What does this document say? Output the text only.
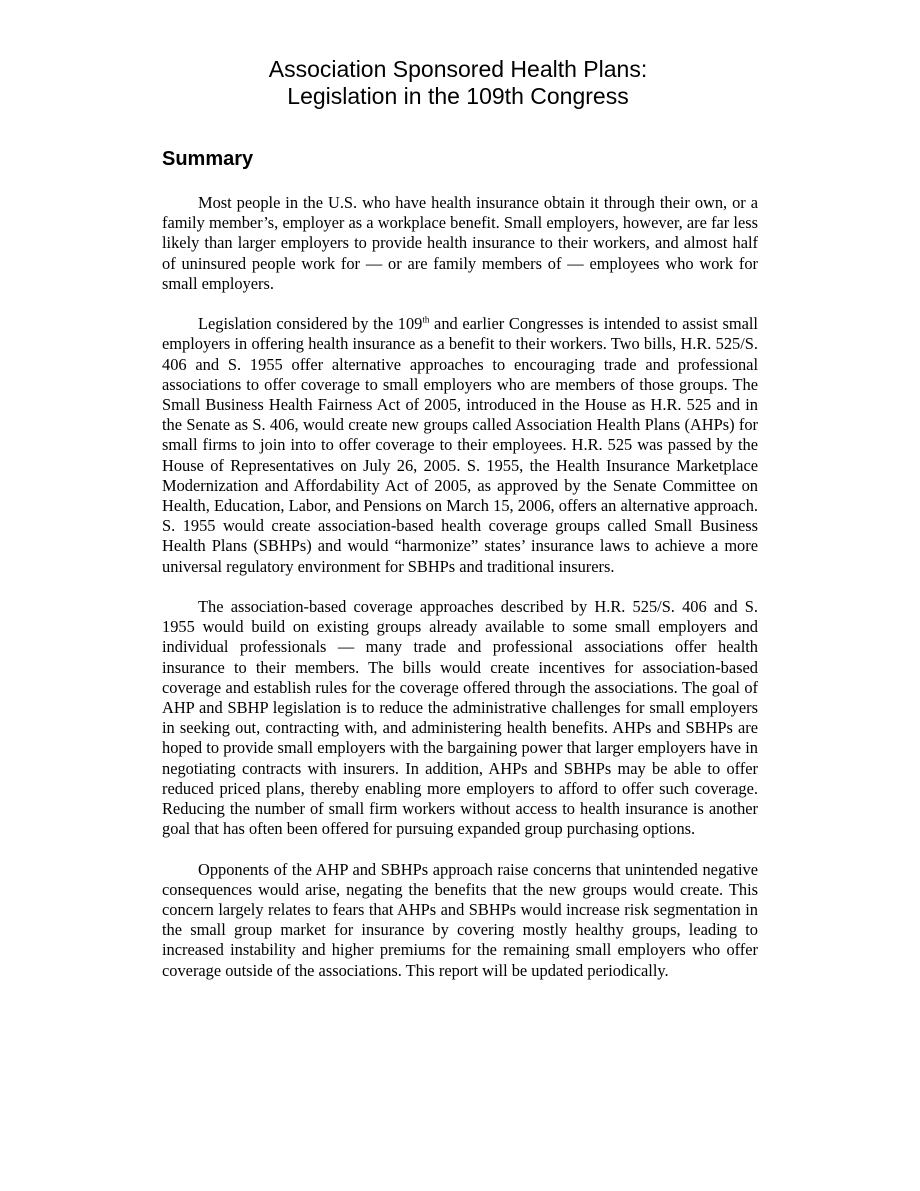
Association Sponsored Health Plans:
Legislation in the 109th Congress
Summary

Most people in the U.S. who have health insurance obtain it through their own, or a family member’s, employer as a workplace benefit. Small employers, however, are far less likely than larger employers to provide health insurance to their workers, and almost half of uninsured people work for — or are family members of — employees who work for small employers.

Legislation considered by the 109th and earlier Congresses is intended to assist small employers in offering health insurance as a benefit to their workers. Two bills, H.R. 525/S. 406 and S. 1955 offer alternative approaches to encouraging trade and professional associations to offer coverage to small employers who are members of those groups. The Small Business Health Fairness Act of 2005, introduced in the House as H.R. 525 and in the Senate as S. 406, would create new groups called Association Health Plans (AHPs) for small firms to join into to offer coverage to their employees. H.R. 525 was passed by the House of Representatives on July 26, 2005. S. 1955, the Health Insurance Marketplace Modernization and Affordability Act of 2005, as approved by the Senate Committee on Health, Education, Labor, and Pensions on March 15, 2006, offers an alternative approach. S. 1955 would create association-based health coverage groups called Small Business Health Plans (SBHPs) and would “harmonize” states’ insurance laws to achieve a more universal regulatory environment for SBHPs and traditional insurers.

The association-based coverage approaches described by H.R. 525/S. 406 and S. 1955 would build on existing groups already available to some small employers and individual professionals — many trade and professional associations offer health insurance to their members. The bills would create incentives for association-based coverage and establish rules for the coverage offered through the associations. The goal of AHP and SBHP legislation is to reduce the administrative challenges for small employers in seeking out, contracting with, and administering health benefits. AHPs and SBHPs are hoped to provide small employers with the bargaining power that larger employers have in negotiating contracts with insurers. In addition, AHPs and SBHPs may be able to offer reduced priced plans, thereby enabling more employers to afford to offer such coverage. Reducing the number of small firm workers without access to health insurance is another goal that has often been offered for pursuing expanded group purchasing options.

Opponents of the AHP and SBHPs approach raise concerns that unintended negative consequences would arise, negating the benefits that the new groups would create. This concern largely relates to fears that AHPs and SBHPs would increase risk segmentation in the small group market for insurance by covering mostly healthy groups, leading to increased instability and higher premiums for the remaining small employers who offer coverage outside of the associations. This report will be updated periodically.
